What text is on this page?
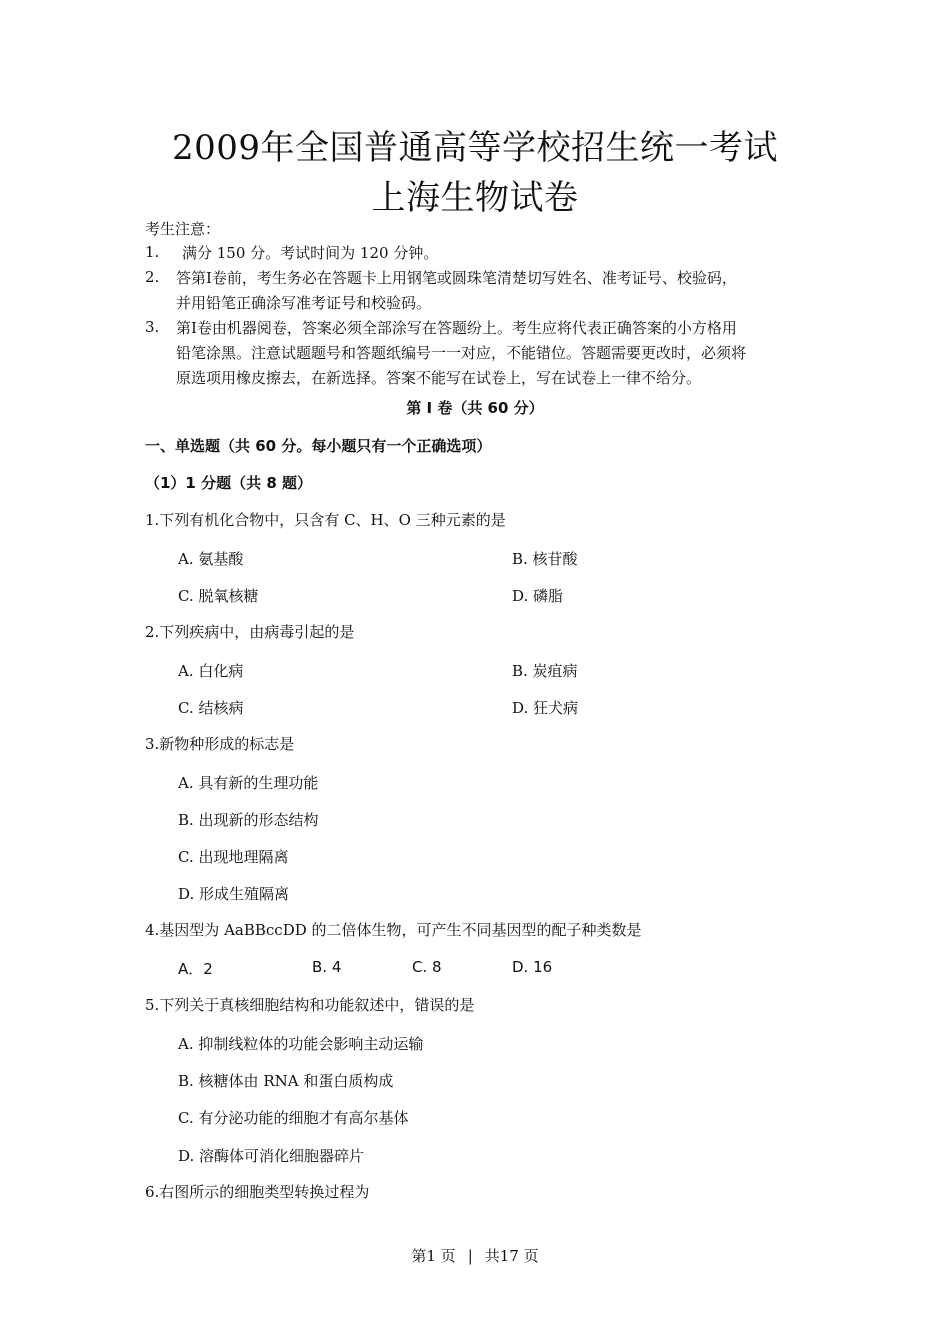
2009年全国普通高等学校招生统一考试
上海生物试卷
考生注意：
1. 满分 150 分。考试时间为 120 分钟。
2. 答第Ⅰ卷前，考生务必在答题卡上用钢笔或圆珠笔清楚切写姓名、准考证号、校验码，
并用铅笔正确涂写准考证号和校验码。
3. 第Ⅰ卷由机器阅卷，答案必须全部涂写在答题纷上。考生应将代表正确答案的小方格用
铅笔涂黑。注意试题题号和答题纸编号一一对应，不能错位。答题需要更改时，必须将
原选项用橡皮擦去，在新选择。答案不能写在试卷上，写在试卷上一律不给分。
第 I 卷（共 60 分）
一、单选题（共 60 分。每小题只有一个正确选项）
（1）1 分题（共 8 题）
1.下列有机化合物中，只含有 C、H、O 三种元素的是
A. 氨基酸	B. 核苷酸
C. 脱氧核糖	D. 磷脂
2.下列疾病中，由病毒引起的是
A. 白化病	B. 炭疽病
C. 结核病	D. 狂犬病
3.新物种形成的标志是
A. 具有新的生理功能
B. 出现新的形态结构
C. 出现地理隔离
D. 形成生殖隔离
4.基因型为 AaBBccDD 的二倍体生物，可产生不同基因型的配子种类数是
A．2	B. 4	C. 8	D. 16
5.下列关于真核细胞结构和功能叙述中，错误的是
A. 抑制线粒体的功能会影响主动运输
B. 核糖体由 RNA 和蛋白质构成
C. 有分泌功能的细胞才有高尔基体
D. 溶酶体可消化细胞器碎片
6.右图所示的细胞类型转换过程为
第1 页 | 共17 页
